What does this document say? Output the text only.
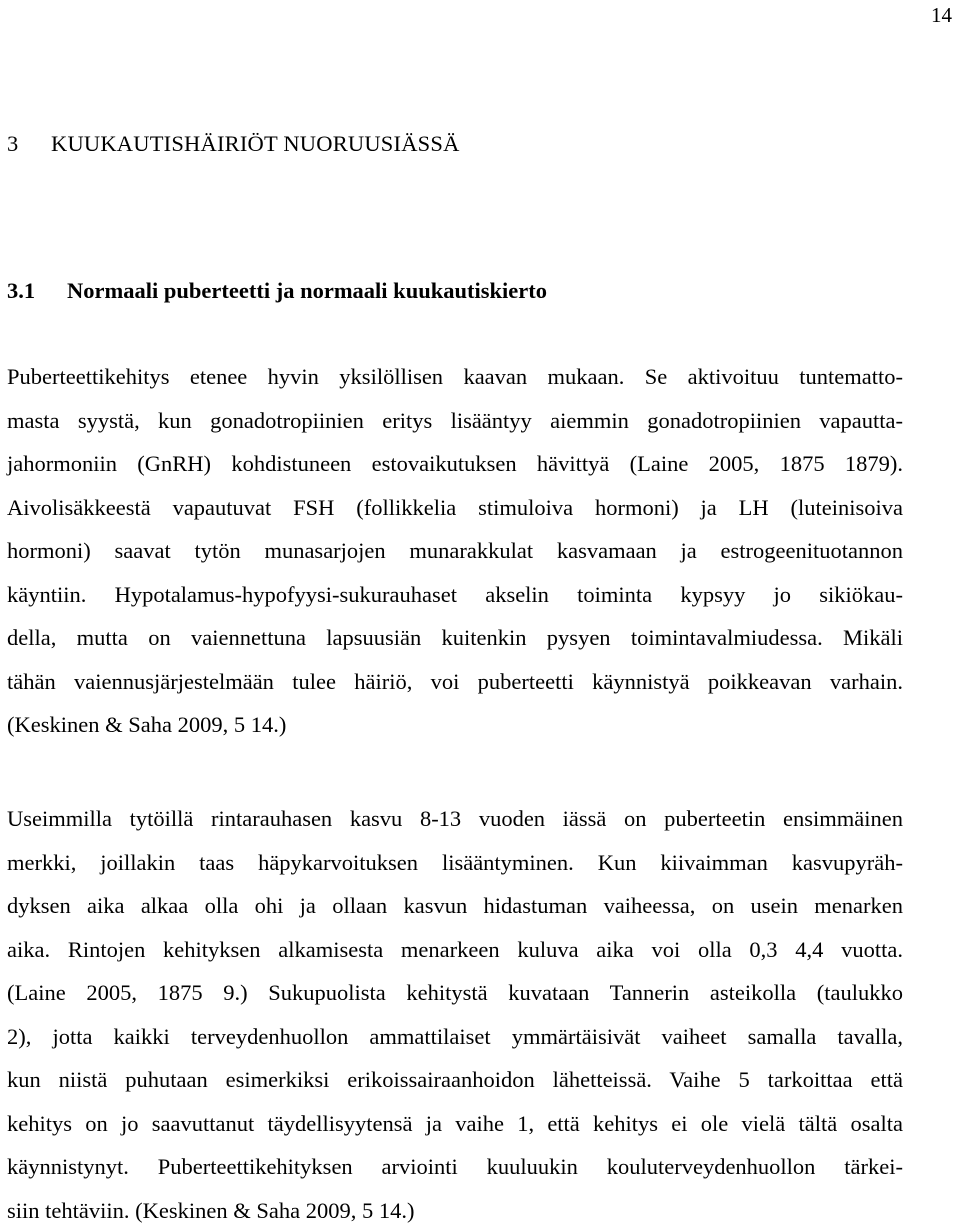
14
3 KUUKAUTISHÄIRIÖT NUORUUSIÄSSÄ
3.1 Normaali puberteetti ja normaali kuukautiskierto
Puberteettikehitys etenee hyvin yksilöllisen kaavan mukaan. Se aktivoituu tuntematto-
masta syystä, kun gonadotropiinien eritys lisääntyy aiemmin gonadotropiinien vapautta-
jahormoniin (GnRH) kohdistuneen estovaikutuksen hävittyä (Laine 2005, 1875 1879).
Aivolisäkkeestä vapautuvat FSH (follikkelia stimuloiva hormoni) ja LH (luteinisoiva
hormoni) saavat tytön munasarjojen munarakkulat kasvamaan ja estrogeenituotannon
käyntiin. Hypotalamus-hypofyysi-sukurauhaset akselin toiminta kypsyy jo sikiökau-
della, mutta on vaiennettuna lapsuusiän kuitenkin pysyen toimintavalmiudessa. Mikäli
tähän vaiennusjärjestelmään tulee häiriö, voi puberteetti käynnistyä poikkeavan varhain.
(Keskinen & Saha 2009, 5 14.)
Useimmilla tytöillä rintarauhasen kasvu 8-13 vuoden iässä on puberteetin ensimmäinen
merkki, joillakin taas häpykarvoituksen lisääntyminen. Kun kiivaimman kasvupyräh-
dyksen aika alkaa olla ohi ja ollaan kasvun hidastuman vaiheessa, on usein menarken
aika. Rintojen kehityksen alkamisesta menarkeen kuluva aika voi olla 0,3 4,4 vuotta.
(Laine 2005, 1875 9.) Sukupuolista kehitystä kuvataan Tannerin asteikolla (taulukko
2), jotta kaikki terveydenhuollon ammattilaiset ymmärtäisivät vaiheet samalla tavalla,
kun niistä puhutaan esimerkiksi erikoissairaanhoidon lähetteissä. Vaihe 5 tarkoittaa että
kehitys on jo saavuttanut täydellisyytensä ja vaihe 1, että kehitys ei ole vielä tältä osalta
käynnistynyt. Puberteettikehityksen arviointi kuuluukin kouluterveydenhuollon tärkei-
siin tehtäviin. (Keskinen & Saha 2009, 5 14.)
